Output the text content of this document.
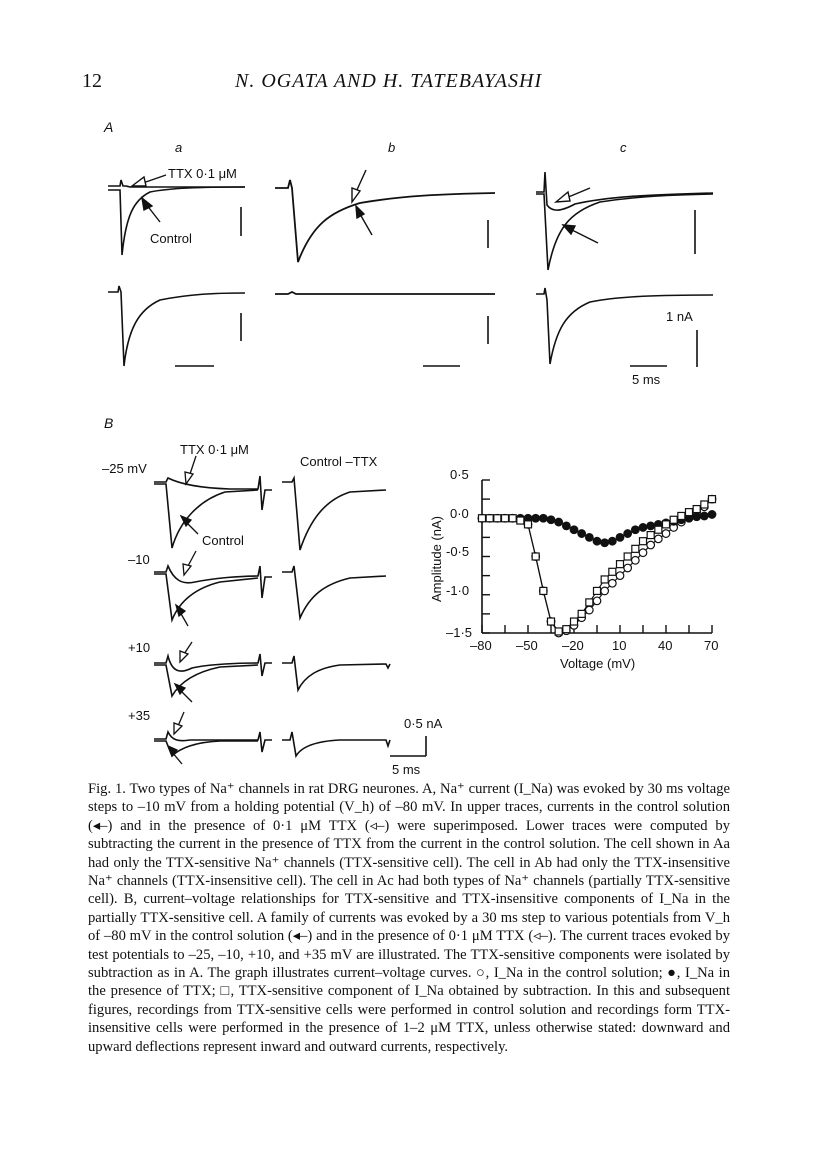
12	N. OGATA AND H. TATEBAYASHI
A
a	b	c
TTX 0·1 μM
Control
1 nA
5 ms
B
TTX 0·1 μM
Control –TTX
–25 mV
–10
+10
+35
Control
0·5 nA
5 ms
0·5
0·0
-0·5
-1·0
–1·5
–80 –50 –20 10 40 70
Voltage (mV)
Amplitude (nA)

Fig. 1. Two types of Na⁺ channels in rat DRG neurones. A, Na⁺ current (I_Na) was evoked by 30 ms voltage steps to –10 mV from a holding potential (V_h) of –80 mV. In upper traces, currents in the control solution (◂–) and in the presence of 0·1 μM TTX (◃–) were superimposed. Lower traces were computed by subtracting the current in the presence of TTX from the current in the control solution. The cell shown in Aa had only the TTX-sensitive Na⁺ channels (TTX-sensitive cell). The cell in Ab had only the TTX-insensitive Na⁺ channels (TTX-insensitive cell). The cell in Ac had both types of Na⁺ channels (partially TTX-sensitive cell). B, current–voltage relationships for TTX-sensitive and TTX-insensitive components of I_Na in the partially TTX-sensitive cell. A family of currents was evoked by a 30 ms step to various potentials from V_h of –80 mV in the control solution (◂–) and in the presence of 0·1 μM TTX (◃–). The current traces evoked by test potentials to –25, –10, +10, and +35 mV are illustrated. The TTX-sensitive components were isolated by subtraction as in A. The graph illustrates current–voltage curves. ○, I_Na in the control solution; ●, I_Na in the presence of TTX; □, TTX-sensitive component of I_Na obtained by subtraction. In this and subsequent figures, recordings from TTX-sensitive cells were performed in control solution and recordings form TTX-insensitive cells were performed in the presence of 1–2 μM TTX, unless otherwise stated: downward and upward deflections represent inward and outward currents, respectively.
